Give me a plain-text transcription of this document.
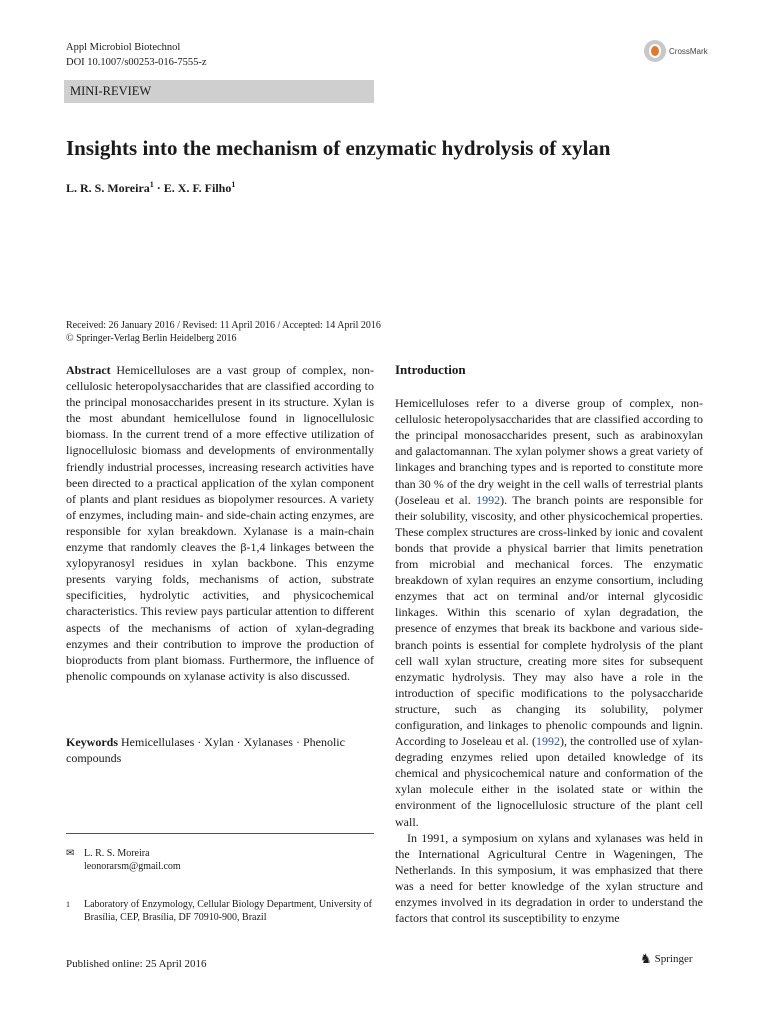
Appl Microbiol Biotechnol
DOI 10.1007/s00253-016-7555-z
CrossMark
MINI-REVIEW
Insights into the mechanism of enzymatic hydrolysis of xylan
L. R. S. Moreira$^1$ · E. X. F. Filho$^1$
Received: 26 January 2016 / Revised: 11 April 2016 / Accepted: 14 April 2016
© Springer-Verlag Berlin Heidelberg 2016
Abstract Hemicelluloses are a vast group of complex, non-cellulosic heteropolysaccharides that are classified according to the principal monosaccharides present in its structure. Xylan is the most abundant hemicellulose found in lignocellulosic biomass. In the current trend of a more effective utilization of lignocellulosic biomass and developments of environmentally friendly industrial processes, increasing research activities have been directed to a practical application of the xylan component of plants and plant residues as biopolymer resources. A variety of enzymes, including main- and side-chain acting enzymes, are responsible for xylan breakdown. Xylanase is a main-chain enzyme that randomly cleaves the β-1,4 linkages between the xylopyranosyl residues in xylan backbone. This enzyme presents varying folds, mechanisms of action, substrate specificities, hydrolytic activities, and physicochemical characteristics. This review pays particular attention to different aspects of the mechanisms of action of xylan-degrading enzymes and their contribution to improve the production of bioproducts from plant biomass. Furthermore, the influence of phenolic compounds on xylanase activity is also discussed.
Keywords Hemicellulases · Xylan · Xylanases · Phenolic compounds
✉ L. R. S. Moreira
leonorarsm@gmail.com
1	Laboratory of Enzymology, Cellular Biology Department, University of Brasília, CEP, Brasília, DF 70910-900, Brazil
Introduction
Hemicelluloses refer to a diverse group of complex, non-cellulosic heteropolysaccharides that are classified according to the principal monosaccharides present, such as arabinoxylan and galactomannan. The xylan polymer shows a great variety of linkages and branching types and is reported to constitute more than 30 % of the dry weight in the cell walls of terrestrial plants (Joseleau et al. 1992). The branch points are responsible for their solubility, viscosity, and other physicochemical properties. These complex structures are cross-linked by ionic and covalent bonds that provide a physical barrier that limits penetration from microbial and mechanical forces. The enzymatic breakdown of xylan requires an enzyme consortium, including enzymes that act on terminal and/or internal glycosidic linkages. Within this scenario of xylan degradation, the presence of enzymes that break its backbone and various side-branch points is essential for complete hydrolysis of the plant cell wall xylan structure, creating more sites for subsequent enzymatic hydrolysis. They may also have a role in the introduction of specific modifications to the polysaccharide structure, such as changing its solubility, polymer configuration, and linkages to phenolic compounds and lignin. According to Joseleau et al. (1992), the controlled use of xylan-degrading enzymes relied upon detailed knowledge of its chemical and physicochemical nature and conformation of the xylan molecule either in the isolated state or within the environment of the lignocellulosic structure of the plant cell wall.
In 1991, a symposium on xylans and xylanases was held in the International Agricultural Centre in Wageningen, The Netherlands. In this symposium, it was emphasized that there was a need for better knowledge of the xylan structure and enzymes involved in its degradation in order to understand the factors that control its susceptibility to enzyme
Published online: 25 April 2016	♞ Springer
